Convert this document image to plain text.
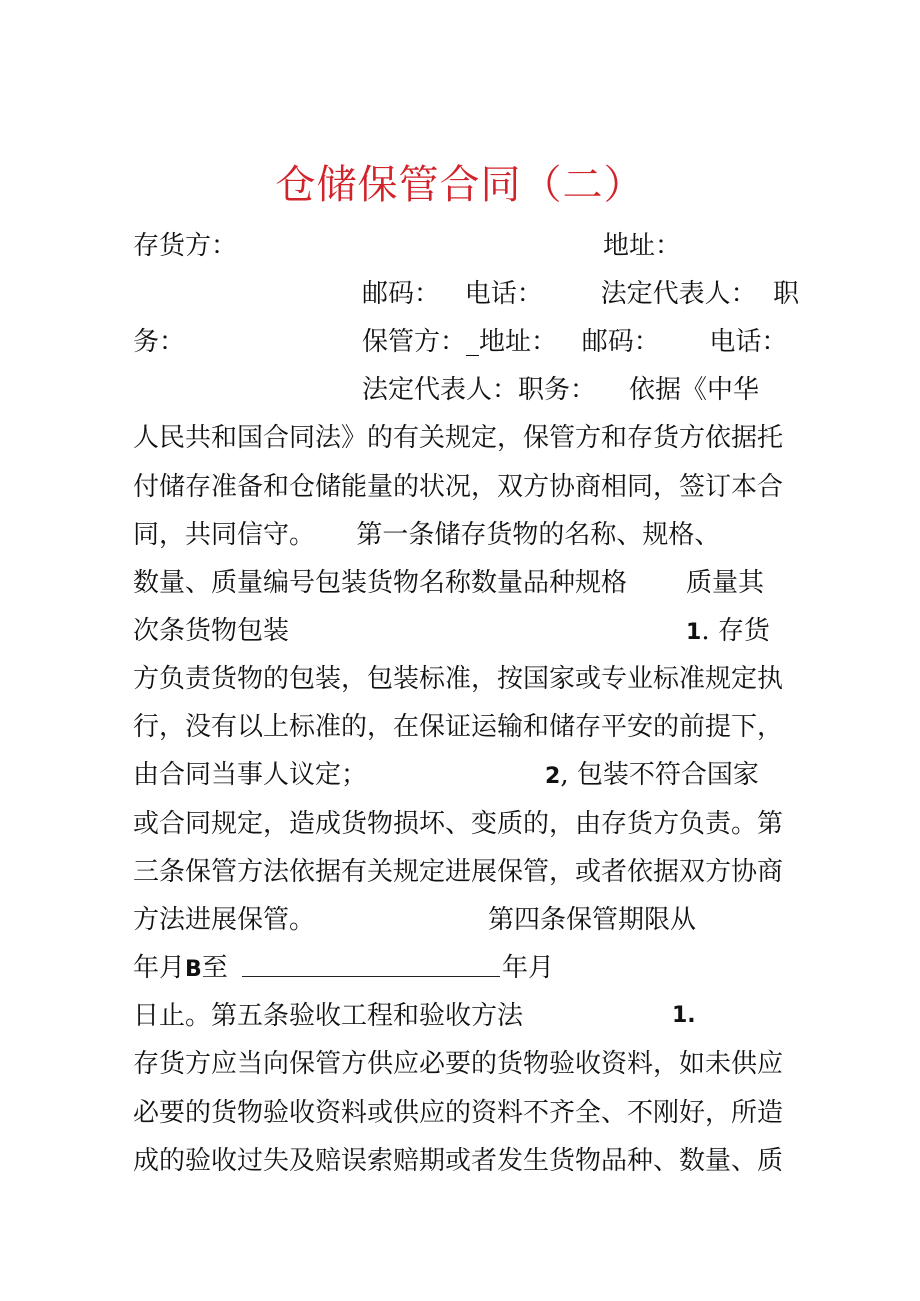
仓储保管合同（二）
存货方：	地址：
邮码：   电话：       法定代表人：  职
务：	保管方：_地址：   邮码：      电话：
法定代表人：职务：    依据《中华
人民共和国合同法》的有关规定，保管方和存货方依据托
付储存准备和仓储能量的状况，双方协商相同，签订本合
同，共同信守。     第一条储存货物的名称、规格、
数量、质量编号包装货物名称数量品种规格 质量其
次条货物包装	1. 存货
方负责货物的包装，包装标准，按国家或专业标准规定执
行，没有以上标准的，在保证运输和储存平安的前提下，
由合同当事人议定；	2, 包装不符合国家
或合同规定，造成货物损坏、变质的，由存货方负责。第
三条保管方法依据有关规定进展保管，或者依据双方协商
方法进展保管。	第四条保管期限从
年月B至	年月
日止。第五条验收工程和验收方法	1.
存货方应当向保管方供应必要的货物验收资料，如未供应
必要的货物验收资料或供应的资料不齐全、不刚好，所造
成的验收过失及赔误索赔期或者发生货物品种、数量、质
